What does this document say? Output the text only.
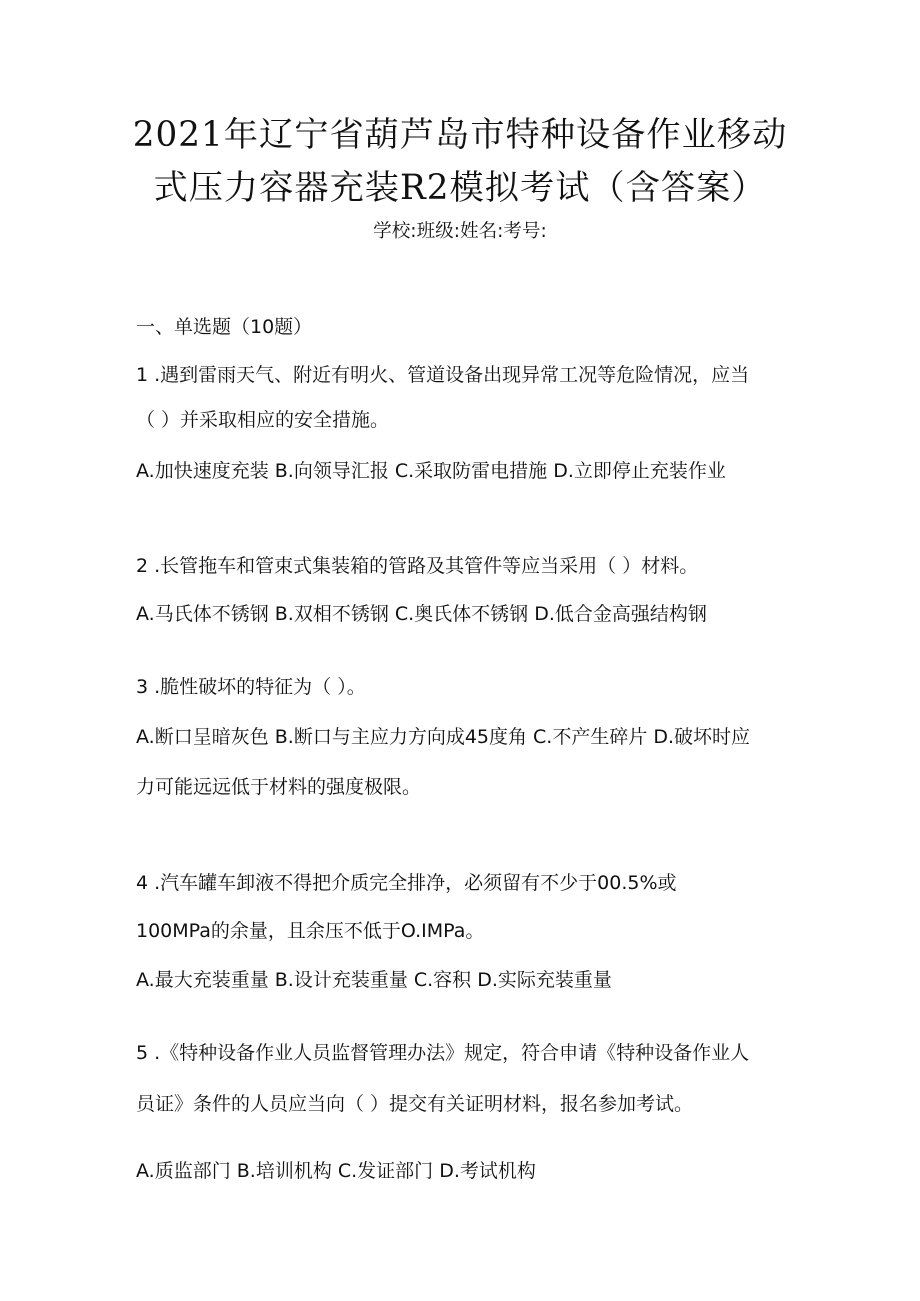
2021年辽宁省葫芦岛市特种设备作业移动
式压力容器充装R2模拟考试（含答案）
学校:班级:姓名:考号:
一、单选题（10题）
1 .遇到雷雨天气、附近有明火、管道设备出现异常工况等危险情况，应当
（ ）并采取相应的安全措施。
A.加快速度充装 B.向领导汇报 C.采取防雷电措施 D.立即停止充装作业
2 .长管拖车和管束式集装箱的管路及其管件等应当采用（ ）材料。
A.马氏体不锈钢 B.双相不锈钢 C.奥氏体不锈钢 D.低合金高强结构钢
3 .脆性破坏的特征为（ ）。
A.断口呈暗灰色 B.断口与主应力方向成45度角 C.不产生碎片 D.破坏时应
力可能远远低于材料的强度极限。
4 .汽车罐车卸液不得把介质完全排净，必须留有不少于00.5%或
100MPa的余量，且余压不低于O.IMPa。
A.最大充装重量 B.设计充装重量 C.容积 D.实际充装重量
5 .《特种设备作业人员监督管理办法》规定，符合申请《特种设备作业人
员证》条件的人员应当向（ ）提交有关证明材料，报名参加考试。
A.质监部门 B.培训机构 C.发证部门 D.考试机构
